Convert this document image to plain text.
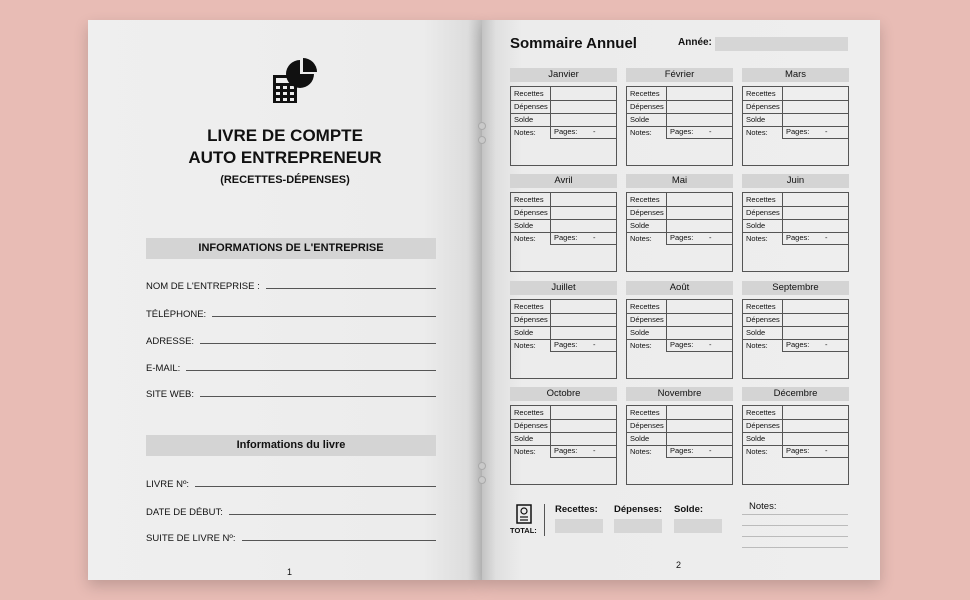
LIVRE DE COMPTE
AUTO ENTREPRENEUR
(RECETTES-DÉPENSES)
INFORMATIONS DE L'ENTREPRISE
NOM DE L'ENTREPRISE :
TÉLÉPHONE:
ADRESSE:
E-MAIL:
SITE WEB:
Informations du livre
LIVRE Nº:
DATE DE DÉBUT:
SUITE DE LIVRE Nº:
1
Sommaire Annuel	Année:
Janvier
Recettes
Dépenses
Solde
Notes: Pages: -
Février
Recettes
Dépenses
Solde
Notes: Pages: -
Mars
Recettes
Dépenses
Solde
Notes: Pages: -
Avril
Recettes
Dépenses
Solde
Notes: Pages: -
Mai
Recettes
Dépenses
Solde
Notes: Pages: -
Juin
Recettes
Dépenses
Solde
Notes: Pages: -
Juillet
Recettes
Dépenses
Solde
Notes: Pages: -
Août
Recettes
Dépenses
Solde
Notes: Pages: -
Septembre
Recettes
Dépenses
Solde
Notes: Pages: -
Octobre
Recettes
Dépenses
Solde
Notes: Pages: -
Novembre
Recettes
Dépenses
Solde
Notes: Pages: -
Décembre
Recettes
Dépenses
Solde
Notes: Pages: -
TOTAL:
Recettes: Dépenses: Solde:	Notes:
2
